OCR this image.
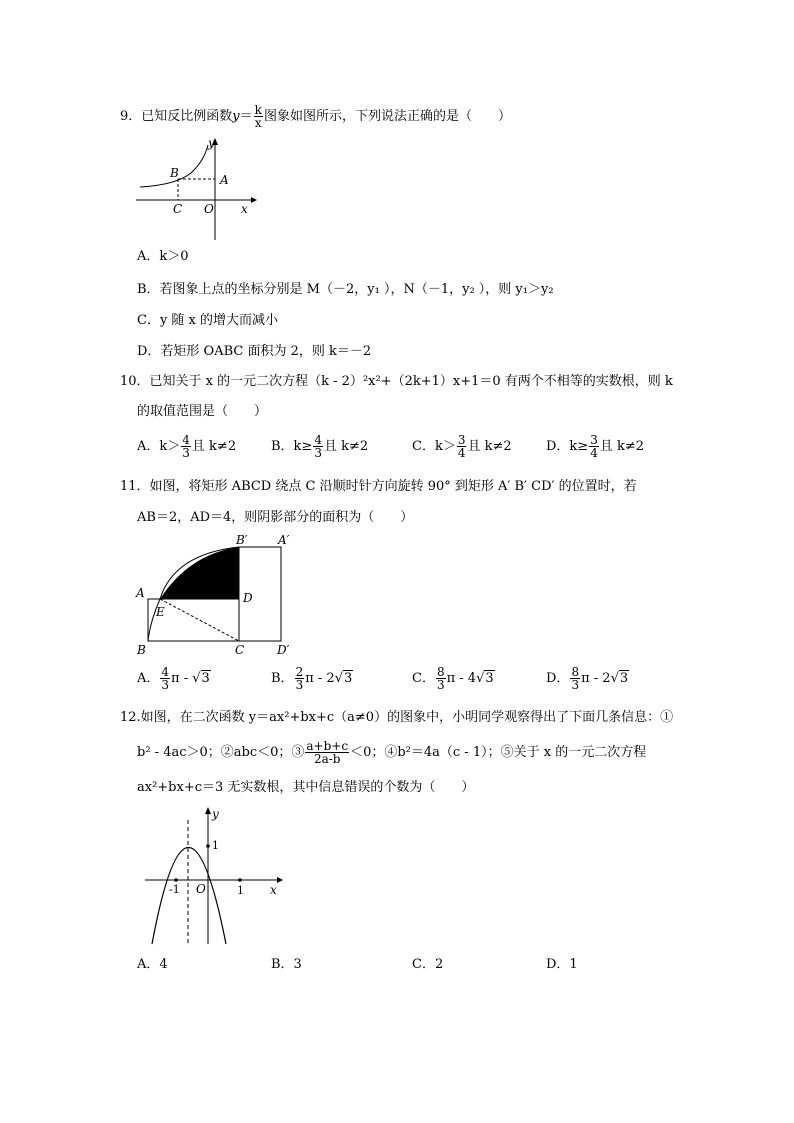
9．已知反比例函数$y= \frac{k}{x}$ 图象如图所示，下列说法正确的是（　　）
y
x
B	A
C O
A．k＞0
B．若图象上点的坐标分别是 M（－2，y₁ ），N（－1，y₂ ），则 y₁＞y₂
C．y 随 x 的增大而减小
D．若矩形 OABC 面积为 2，则 k＝－2
10．已知关于 x 的一元二次方程（k - 2）²x²+（2k+1）x+1＝0 有两个不相等的实数根，则 k
的取值范围是（　　）
A．$k> \frac{4}{3}$ 且 k≠2	B．$k\ge \frac{4}{3}$ 且 k≠2	C．$k> \frac{3}{4}$ 且 k≠2	D．$k\ge \frac{3}{4}$ 且 k≠2
11．如图，将矩形 ABCD 绕点 C 沿顺时针方向旋转 90° 到矩形 A′ B′ CD′ 的位置时，若
AB＝2，AD＝4，则阴影部分的面积为（　　）
B′	A′
A	D
E
B	C	D′
A． $\frac{4}{3}$ π - √3	B． $\frac{2}{3}$ π - 2√3	C． $\frac{8}{3}$ π - 4√3	D． $\frac{8}{3}$ π - 2√3
12.如图，在二次函数 y＝ax²+bx+c（a≠0）的图象中，小明同学观察得出了下面几条信息：①
b² - 4ac＞0；②abc＜0；③ $\frac{a+b+c}{2a-b} <0$；④b²＝4a（c - 1）；⑤关于 x 的一元二次方程
ax²+bx+c＝3 无实数根，其中信息错误的个数为（　　）
y
1
-1 O	1 x
A．4	B．3	C．2	D．1
